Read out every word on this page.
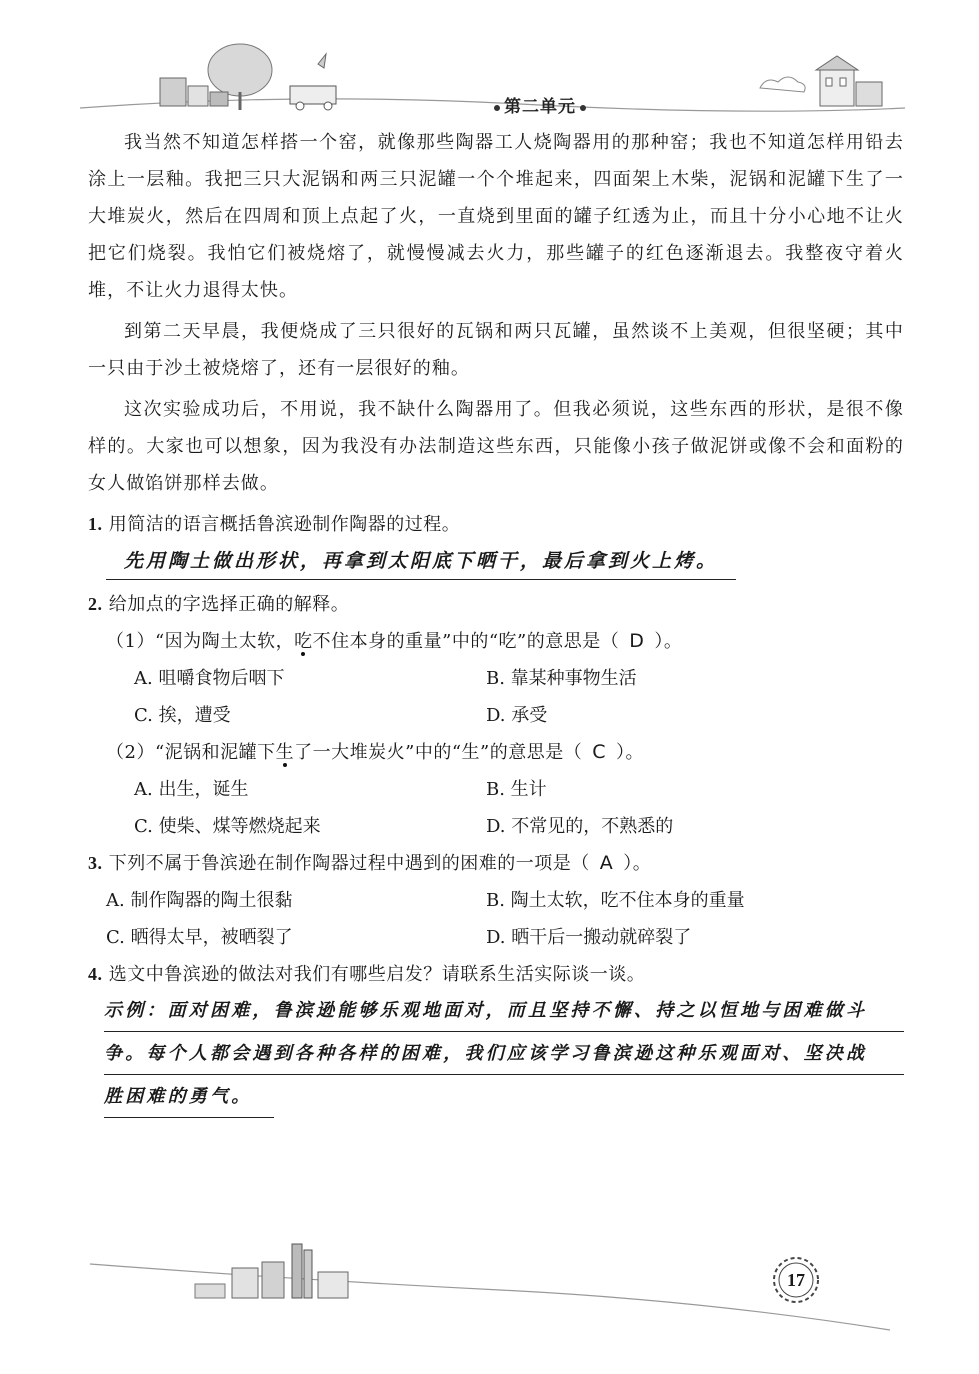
第二单元

我当然不知道怎样搭一个窑，就像那些陶器工人烧陶器用的那种窑；我也不知道怎样用铅去涂上一层釉。我把三只大泥锅和两三只泥罐一个个堆起来，四面架上木柴，泥锅和泥罐下生了一大堆炭火，然后在四周和顶上点起了火，一直烧到里面的罐子红透为止，而且十分小心地不让火把它们烧裂。我怕它们被烧熔了，就慢慢减去火力，那些罐子的红色逐渐退去。我整夜守着火堆，不让火力退得太快。

到第二天早晨，我便烧成了三只很好的瓦锅和两只瓦罐，虽然谈不上美观，但很坚硬；其中一只由于沙土被烧熔了，还有一层很好的釉。

这次实验成功后，不用说，我不缺什么陶器用了。但我必须说，这些东西的形状，是很不像样的。大家也可以想象，因为我没有办法制造这些东西，只能像小孩子做泥饼或像不会和面粉的女人做馅饼那样去做。

1. 用简洁的语言概括鲁滨逊制作陶器的过程。
先用陶土做出形状，再拿到太阳底下晒干，最后拿到火上烤。
2. 给加点的字选择正确的解释。
（1）“因为陶土太软，吃不住本身的重量”中的“吃”的意思是（ D ）。
A. 咀嚼食物后咽下	B. 靠某种事物生活
C. 挨，遭受	D. 承受
（2）“泥锅和泥罐下生了一大堆炭火”中的“生”的意思是（ C ）。
A. 出生，诞生	B. 生计
C. 使柴、煤等燃烧起来	D. 不常见的，不熟悉的
3. 下列不属于鲁滨逊在制作陶器过程中遇到的困难的一项是（ A ）。
A. 制作陶器的陶土很黏	B. 陶土太软，吃不住本身的重量
C. 晒得太早，被晒裂了	D. 晒干后一搬动就碎裂了
4. 选文中鲁滨逊的做法对我们有哪些启发？请联系生活实际谈一谈。
示例：面对困难，鲁滨逊能够乐观地面对，而且坚持不懈、持之以恒地与困难做斗
争。每个人都会遇到各种各样的困难，我们应该学习鲁滨逊这种乐观面对、坚决战
胜困难的勇气。
17
